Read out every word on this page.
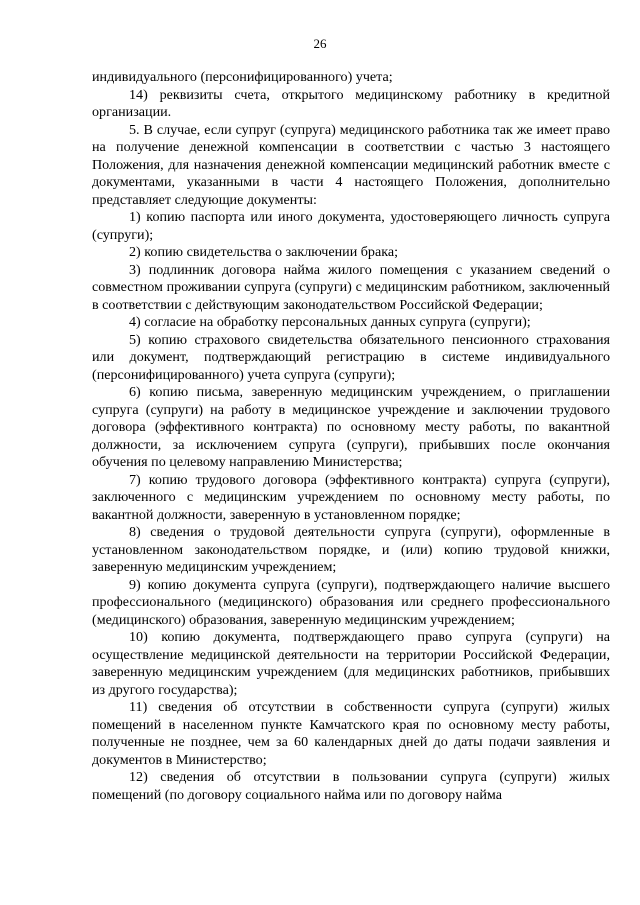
26

индивидуального (персонифицированного) учета;

14) реквизиты счета, открытого медицинскому работнику в кредитной организации.

5. В случае, если супруг (супруга) медицинского работника так же имеет право на получение денежной компенсации в соответствии с частью 3 настоящего Положения, для назначения денежной компенсации медицинский работник вместе с документами, указанными в части 4 настоящего Положения, дополнительно представляет следующие документы:

1) копию паспорта или иного документа, удостоверяющего личность супруга (супруги);

2) копию свидетельства о заключении брака;

3) подлинник договора найма жилого помещения с указанием сведений о совместном проживании супруга (супруги) с медицинским работником, заключенный в соответствии с действующим законодательством Российской Федерации;

4) согласие на обработку персональных данных супруга (супруги);

5) копию страхового свидетельства обязательного пенсионного страхования или документ, подтверждающий регистрацию в системе индивидуального (персонифицированного) учета супруга (супруги);

6) копию письма, заверенную медицинским учреждением, о приглашении супруга (супруги) на работу в медицинское учреждение и заключении трудового договора (эффективного контракта) по основному месту работы, по вакантной должности, за исключением супруга (супруги), прибывших после окончания обучения по целевому направлению Министерства;

7) копию трудового договора (эффективного контракта) супруга (супруги), заключенного с медицинским учреждением по основному месту работы, по вакантной должности, заверенную в установленном порядке;

8) сведения о трудовой деятельности супруга (супруги), оформленные в установленном законодательством порядке, и (или) копию трудовой книжки, заверенную медицинским учреждением;

9) копию документа супруга (супруги), подтверждающего наличие высшего профессионального (медицинского) образования или среднего профессионального (медицинского) образования, заверенную медицинским учреждением;

10) копию документа, подтверждающего право супруга (супруги) на осуществление медицинской деятельности на территории Российской Федерации, заверенную медицинским учреждением (для медицинских работников, прибывших из другого государства);

11) сведения об отсутствии в собственности супруга (супруги) жилых помещений в населенном пункте Камчатского края по основному месту работы, полученные не позднее, чем за 60 календарных дней до даты подачи заявления и документов в Министерство;

12) сведения об отсутствии в пользовании супруга (супруги) жилых помещений (по договору социального найма или по договору найма
